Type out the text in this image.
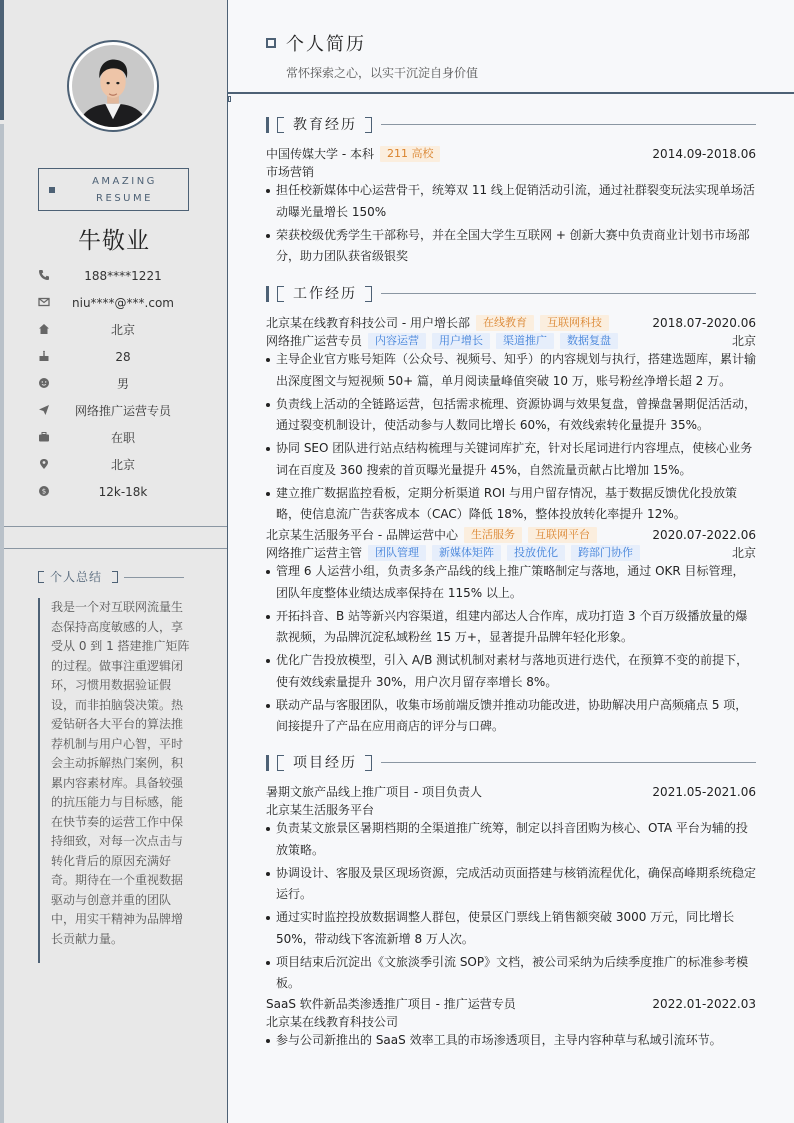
AMAZING RESUME
牛敬业
188****1221
niu****@***.com
北京
28
男
网络推广运营专员
在职
北京
$	12k-18k
个人总结
我是一个对互联网流量生态保持高度敏感的人，享受从 0 到 1 搭建推广矩阵的过程。做事注重逻辑闭环，习惯用数据验证假设，而非拍脑袋决策。热爱钻研各大平台的算法推荐机制与用户心智，平时会主动拆解热门案例，积累内容素材库。具备较强的抗压能力与目标感，能在快节奏的运营工作中保持细致，对每一次点击与转化背后的原因充满好奇。期待在一个重视数据驱动与创意并重的团队中，用实干精神为品牌增长贡献力量。
个人简历
常怀探索之心，以实干沉淀自身价值
教育经历
中国传媒大学 - 本科	211 高校	2014.09-2018.06
市场营销
担任校新媒体中心运营骨干，统筹双 11 线上促销活动引流，通过社群裂变玩法实现单场活动曝光量增长 150%
荣获校级优秀学生干部称号，并在全国大学生互联网 + 创新大赛中负责商业计划书市场部分，助力团队获省级银奖
工作经历
北京某在线教育科技公司 - 用户增长部	在线教育	互联网科技	2018.07-2020.06
网络推广运营专员	内容运营	用户增长	渠道推广	数据复盘	北京
主导企业官方账号矩阵（公众号、视频号、知乎）的内容规划与执行，搭建选题库，累计输出深度图文与短视频 50+ 篇，单月阅读量峰值突破 10 万，账号粉丝净增长超 2 万。
负责线上活动的全链路运营，包括需求梳理、资源协调与效果复盘，曾操盘暑期促活活动，通过裂变机制设计，使活动参与人数同比增长 60%，有效线索转化量提升 35%。
协同 SEO 团队进行站点结构梳理与关键词库扩充，针对长尾词进行内容埋点，使核心业务词在百度及 360 搜索的首页曝光量提升 45%，自然流量贡献占比增加 15%。
建立推广数据监控看板，定期分析渠道 ROI 与用户留存情况，基于数据反馈优化投放策略，使信息流广告获客成本（CAC）降低 18%，整体投放转化率提升 12%。
北京某生活服务平台 - 品牌运营中心	生活服务	互联网平台	2020.07-2022.06
网络推广运营主管	团队管理	新媒体矩阵	投放优化	跨部门协作	北京
管理 6 人运营小组，负责多条产品线的线上推广策略制定与落地，通过 OKR 目标管理，团队年度整体业绩达成率保持在 115% 以上。
开拓抖音、B 站等新兴内容渠道，组建内部达人合作库，成功打造 3 个百万级播放量的爆款视频，为品牌沉淀私域粉丝 15 万+，显著提升品牌年轻化形象。
优化广告投放模型，引入 A/B 测试机制对素材与落地页进行迭代，在预算不变的前提下，使有效线索量提升 30%，用户次月留存率增长 8%。
联动产品与客服团队，收集市场前端反馈并推动功能改进，协助解决用户高频痛点 5 项，间接提升了产品在应用商店的评分与口碑。
项目经历
暑期文旅产品线上推广项目 - 项目负责人	2021.05-2021.06
北京某生活服务平台
负责某文旅景区暑期档期的全渠道推广统筹，制定以抖音团购为核心、OTA 平台为辅的投放策略。
协调设计、客服及景区现场资源，完成活动页面搭建与核销流程优化，确保高峰期系统稳定运行。
通过实时监控投放数据调整人群包，使景区门票线上销售额突破 3000 万元，同比增长 50%，带动线下客流新增 8 万人次。
项目结束后沉淀出《文旅淡季引流 SOP》文档，被公司采纳为后续季度推广的标准参考模板。
SaaS 软件新品类渗透推广项目 - 推广运营专员	2022.01-2022.03
北京某在线教育科技公司
参与公司新推出的 SaaS 效率工具的市场渗透项目，主导内容种草与私域引流环节。
